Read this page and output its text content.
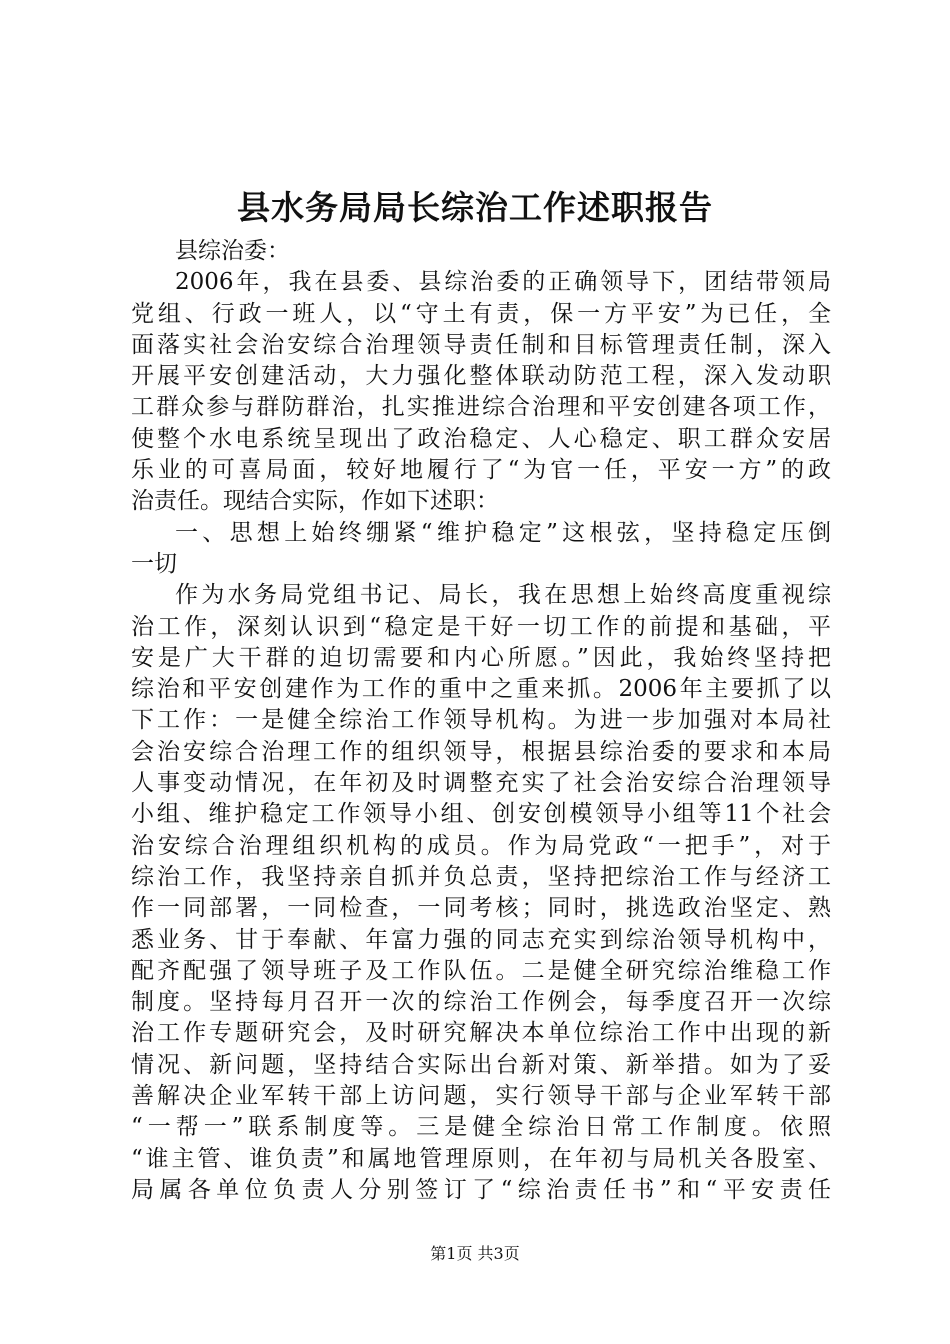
县水务局局长综治工作述职报告
县综治委：
2006年，我在县委、县综治委的正确领导下，团结带领局
党组、行政一班人，以“守土有责，保一方平安”为已任，全
面落实社会治安综合治理领导责任制和目标管理责任制，深入
开展平安创建活动，大力强化整体联动防范工程，深入发动职
工群众参与群防群治，扎实推进综合治理和平安创建各项工作，
使整个水电系统呈现出了政治稳定、人心稳定、职工群众安居
乐业的可喜局面，较好地履行了“为官一任，平安一方”的政
治责任。现结合实际，作如下述职：
一、思想上始终绷紧“维护稳定”这根弦，坚持稳定压倒
一切
作为水务局党组书记、局长，我在思想上始终高度重视综
治工作，深刻认识到“稳定是干好一切工作的前提和基础，平
安是广大干群的迫切需要和内心所愿。”因此，我始终坚持把
综治和平安创建作为工作的重中之重来抓。2006年主要抓了以
下工作：一是健全综治工作领导机构。为进一步加强对本局社
会治安综合治理工作的组织领导，根据县综治委的要求和本局
人事变动情况，在年初及时调整充实了社会治安综合治理领导
小组、维护稳定工作领导小组、创安创模领导小组等11个社会
治安综合治理组织机构的成员。作为局党政“一把手”，对于
综治工作，我坚持亲自抓并负总责，坚持把综治工作与经济工
作一同部署，一同检查，一同考核；同时，挑选政治坚定、熟
悉业务、甘于奉献、年富力强的同志充实到综治领导机构中，
配齐配强了领导班子及工作队伍。二是健全研究综治维稳工作
制度。坚持每月召开一次的综治工作例会，每季度召开一次综
治工作专题研究会，及时研究解决本单位综治工作中出现的新
情况、新问题，坚持结合实际出台新对策、新举措。如为了妥
善解决企业军转干部上访问题，实行领导干部与企业军转干部
“一帮一”联系制度等。三是健全综治日常工作制度。依照
“谁主管、谁负责”和属地管理原则，在年初与局机关各股室、
局属各单位负责人分别签订了“综治责任书”和“平安责任
第1页 共3页
